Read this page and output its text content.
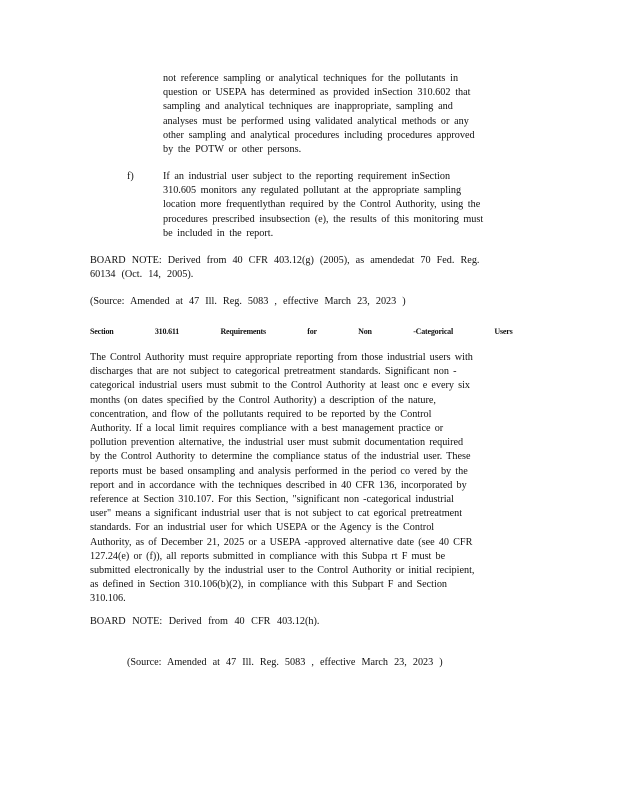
not reference sampling or analytical techniques for the pollutants in
question or USEPA has determined as provided inSection 310.602 that
sampling and analytical techniques are inappropriate, sampling and
analyses must be performed using validated analytical methods or any
other sampling and analytical procedures including procedures approved
by the POTW or other persons.

f)	If an industrial user subject to the reporting requirement inSection
310.605 monitors any regulated pollutant at the appropriate sampling
location more frequentlythan required by the Control Authority, using the
procedures prescribed insubsection (e), the results of this monitoring must
be included in the report.

BOARD NOTE: Derived from 40 CFR 403.12(g) (2005), as amendedat 70 Fed. Reg.
60134 (Oct. 14, 2005).

(Source: Amended at 47 Ill. Reg. 5083 , effective March 23, 2023 )

Section   310.611   Requirements   for   Non   -Categorical   Users

The Control Authority must require appropriate reporting from those industrial users with
discharges that are not subject to categorical pretreatment standards. Significant non -
categorical industrial users must submit to the Control Authority at least onc e every six
months (on dates specified by the Control Authority) a description of the nature,
concentration, and flow of the pollutants required to be reported by the Control
Authority. If a local limit requires compliance with a best management practice or
pollution prevention alternative, the industrial user must submit documentation required
by the Control Authority to determine the compliance status of the industrial user. These
reports must be based onsampling and analysis performed in the period co vered by the
report and in accordance with the techniques described in 40 CFR 136, incorporated by
reference at Section 310.107. For this Section, "significant non -categorical industrial
user" means a significant industrial user that is not subject to cat egorical pretreatment
standards. For an industrial user for which USEPA or the Agency is the Control
Authority, as of December 21, 2025 or a USEPA -approved alternative date (see 40 CFR
127.24(e) or (f)), all reports submitted in compliance with this Subpa rt F must be
submitted electronically by the industrial user to the Control Authority or initial recipient,
as defined in Section 310.106(b)(2), in compliance with this Subpart F and Section
310.106.

BOARD NOTE: Derived from 40 CFR 403.12(h).

(Source: Amended at 47 Ill. Reg. 5083 , effective March 23, 2023 )
